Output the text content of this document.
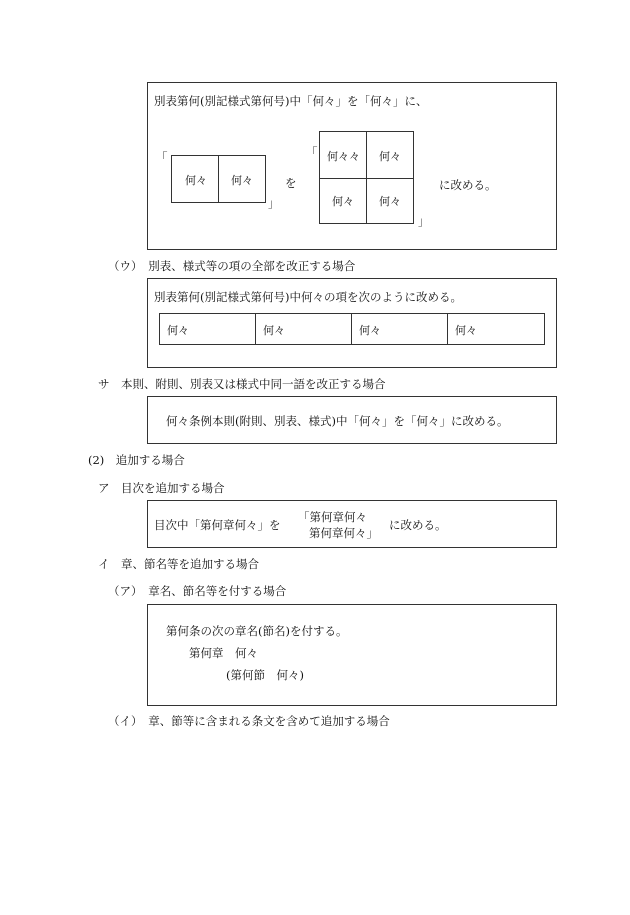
別表第何(別記様式第何号)中「何々」を「何々」に、
「
何々 何々
」
を
「 何々々 何々
何々 何々
」
に改める。
（ウ）　別表、様式等の項の全部を改正する場合
別表第何(別記様式第何号)中何々の項を次のように改める。
何々	何々	何々	何々
サ　本則、附則、別表又は様式中同一語を改正する場合
何々条例本則(附則、別表、様式)中「何々」を「何々」に改める。
(2)　追加する場合
ア　目次を追加する場合
目次中「第何章何々」を
「第何章何々
第何章何々」
に改める。
イ　章、節名等を追加する場合
（ア）　章名、節名等を付する場合
第何条の次の章名(節名)を付する。
第何章　何々
(第何節　何々)
（イ）　章、節等に含まれる条文を含めて追加する場合
